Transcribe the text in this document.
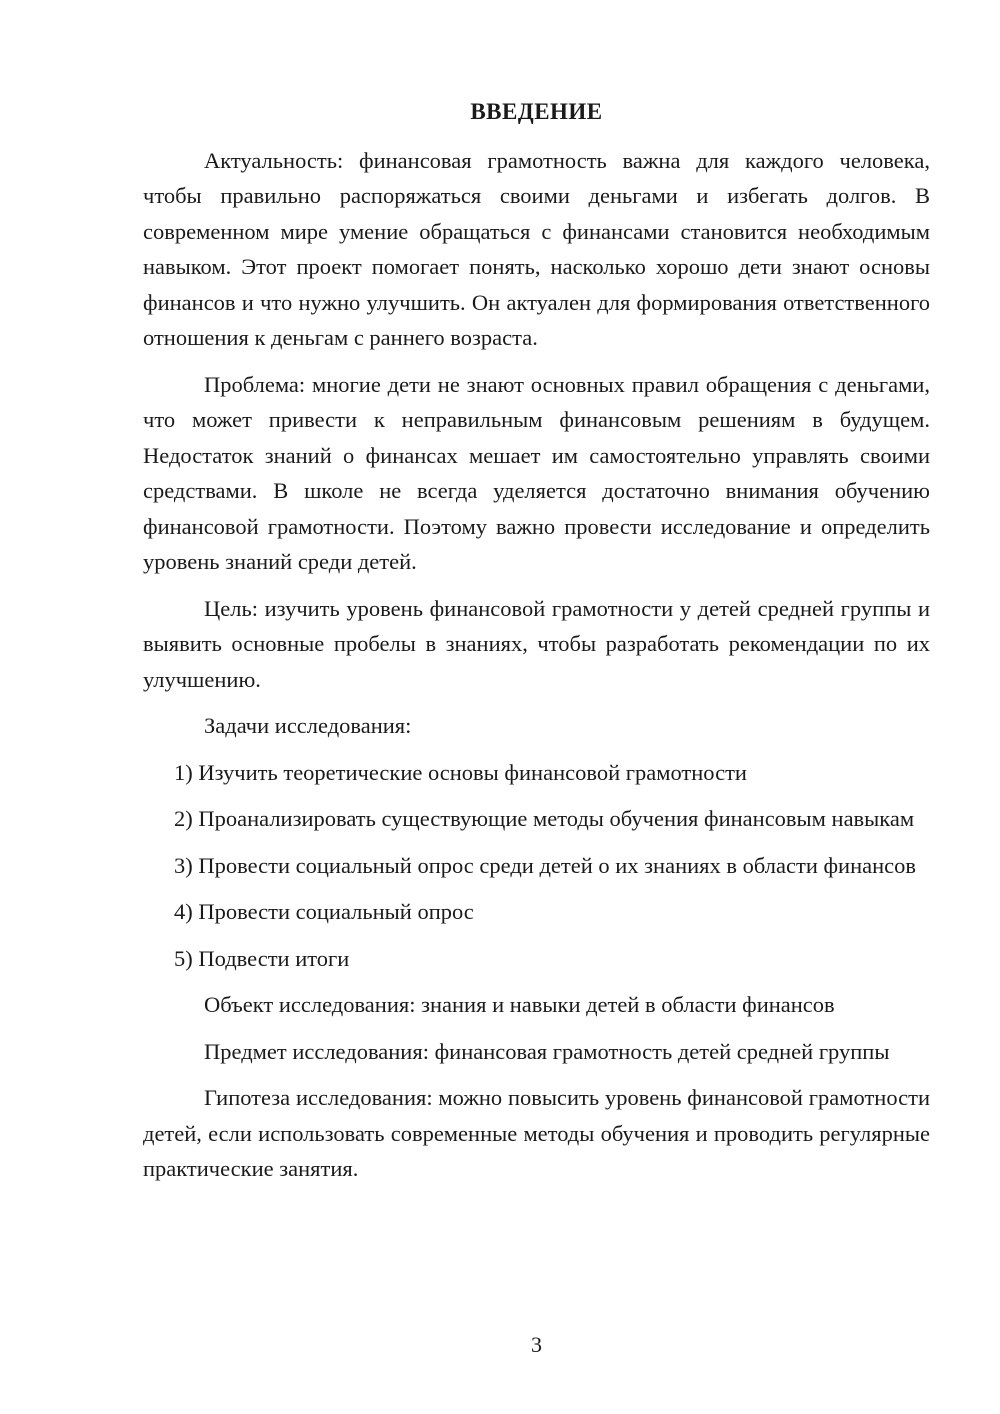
ВВЕДЕНИЕ

Актуальность: финансовая грамотность важна для каждого человека, чтобы правильно распоряжаться своими деньгами и избегать долгов. В современном мире умение обращаться с финансами становится необходимым навыком. Этот проект помогает понять, насколько хорошо дети знают основы финансов и что нужно улучшить. Он актуален для формирования ответственного отношения к деньгам с раннего возраста.

Проблема: многие дети не знают основных правил обращения с деньгами, что может привести к неправильным финансовым решениям в будущем. Недостаток знаний о финансах мешает им самостоятельно управлять своими средствами. В школе не всегда уделяется достаточно внимания обучению финансовой грамотности. Поэтому важно провести исследование и определить уровень знаний среди детей.

Цель: изучить уровень финансовой грамотности у детей средней группы и выявить основные пробелы в знаниях, чтобы разработать рекомендации по их улучшению.

Задачи исследования:

1) Изучить теоретические основы финансовой грамотности

2) Проанализировать существующие методы обучения финансовым навыкам

3) Провести социальный опрос среди детей о их знаниях в области финансов

4) Провести социальный опрос

5) Подвести итоги

Объект исследования: знания и навыки детей в области финансов

Предмет исследования: финансовая грамотность детей средней группы

Гипотеза исследования: можно повысить уровень финансовой грамотности детей, если использовать современные методы обучения и проводить регулярные практические занятия.

3
